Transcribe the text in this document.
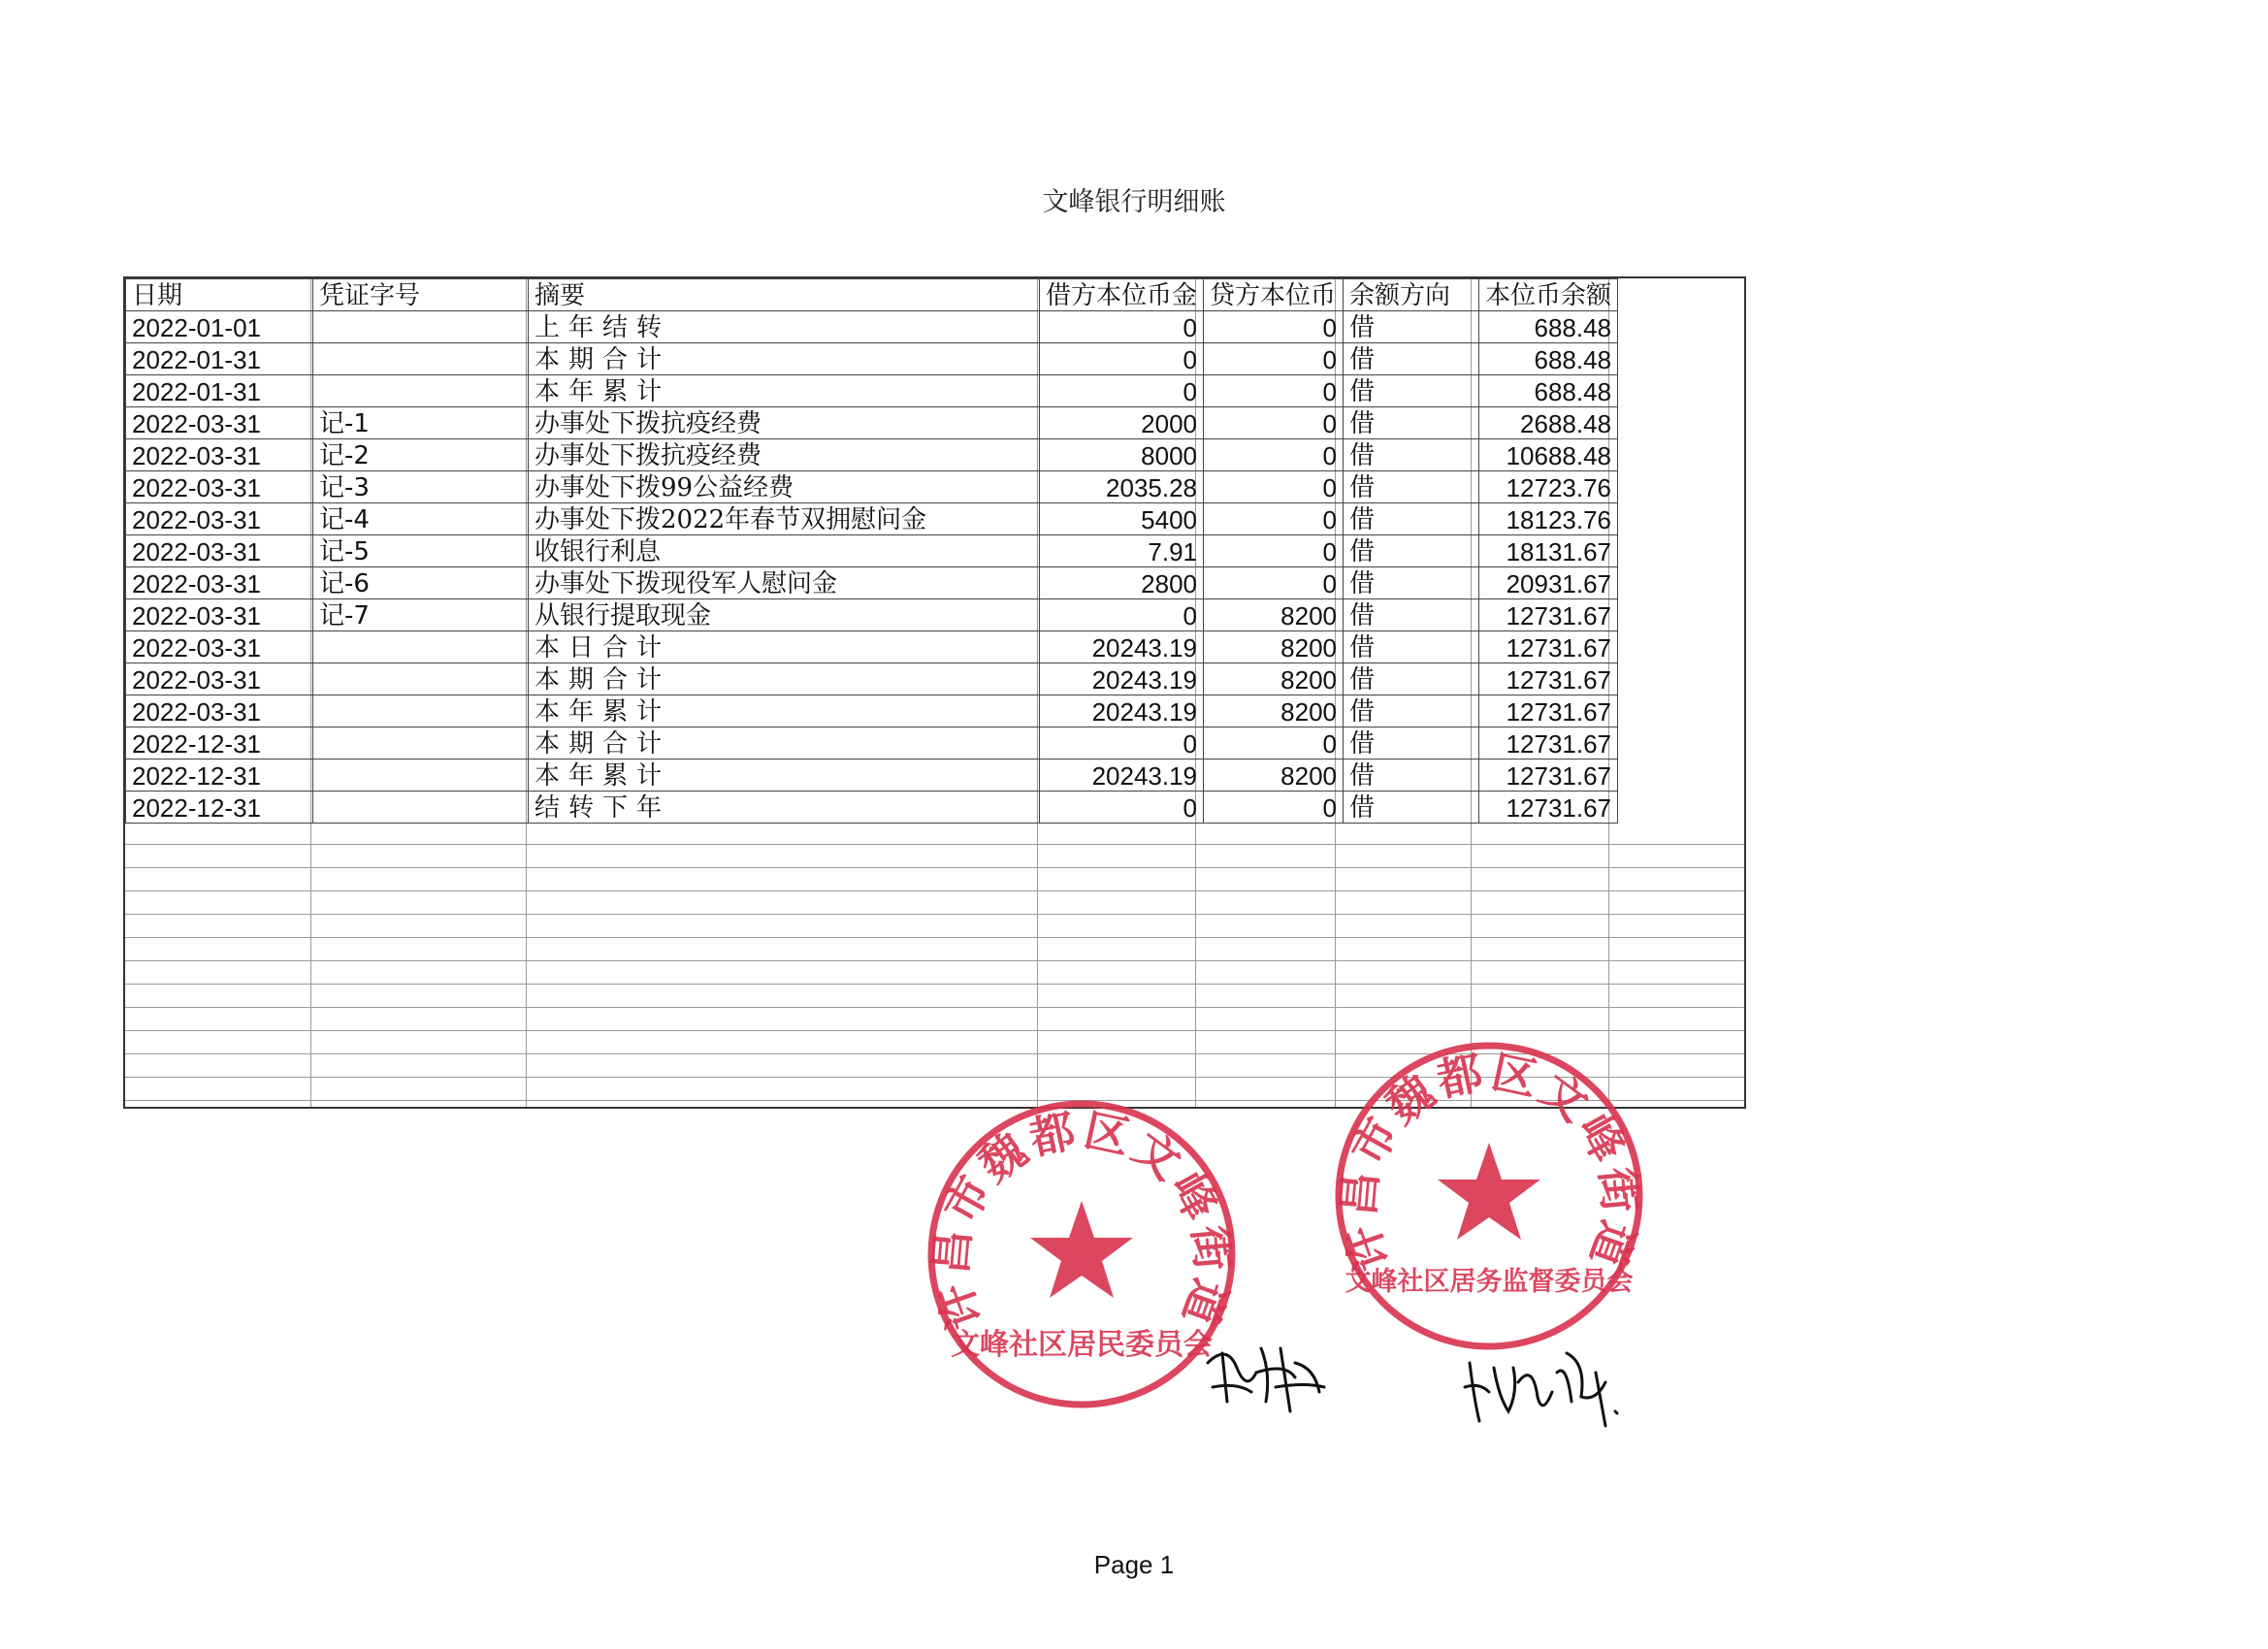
文峰银行明细账
日期	凭证字号	摘要	借方本位币金	贷方本位币	余额方向	本位币余额
2022-01-01		上年结转	0	0	借	688.48
2022-01-31		本期合计	0	0	借	688.48
2022-01-31		本年累计	0	0	借	688.48
2022-03-31	记-1	办事处下拨抗疫经费	2000	0	借	2688.48
2022-03-31	记-2	办事处下拨抗疫经费	8000	0	借	10688.48
2022-03-31	记-3	办事处下拨99公益经费	2035.28	0	借	12723.76
2022-03-31	记-4	办事处下拨2022年春节双拥慰问金	5400	0	借	18123.76
2022-03-31	记-5	收银行利息	7.91	0	借	18131.67
2022-03-31	记-6	办事处下拨现役军人慰问金	2800	0	借	20931.67
2022-03-31	记-7	从银行提取现金	0	8200	借	12731.67
2022-03-31		本日合计	20243.19	8200	借	12731.67
2022-03-31		本期合计	20243.19	8200	借	12731.67
2022-03-31		本年累计	20243.19	8200	借	12731.67
2022-12-31		本期合计	0	0	借	12731.67
2022-12-31		本年累计	20243.19	8200	借	12731.67
2022-12-31		结转下年	0	0	借	12731.67
许昌市魏都区文峰街道
文峰社区居民委员会
许昌市魏都区文峰街道
文峰社区居务监督委员会
Page 1
